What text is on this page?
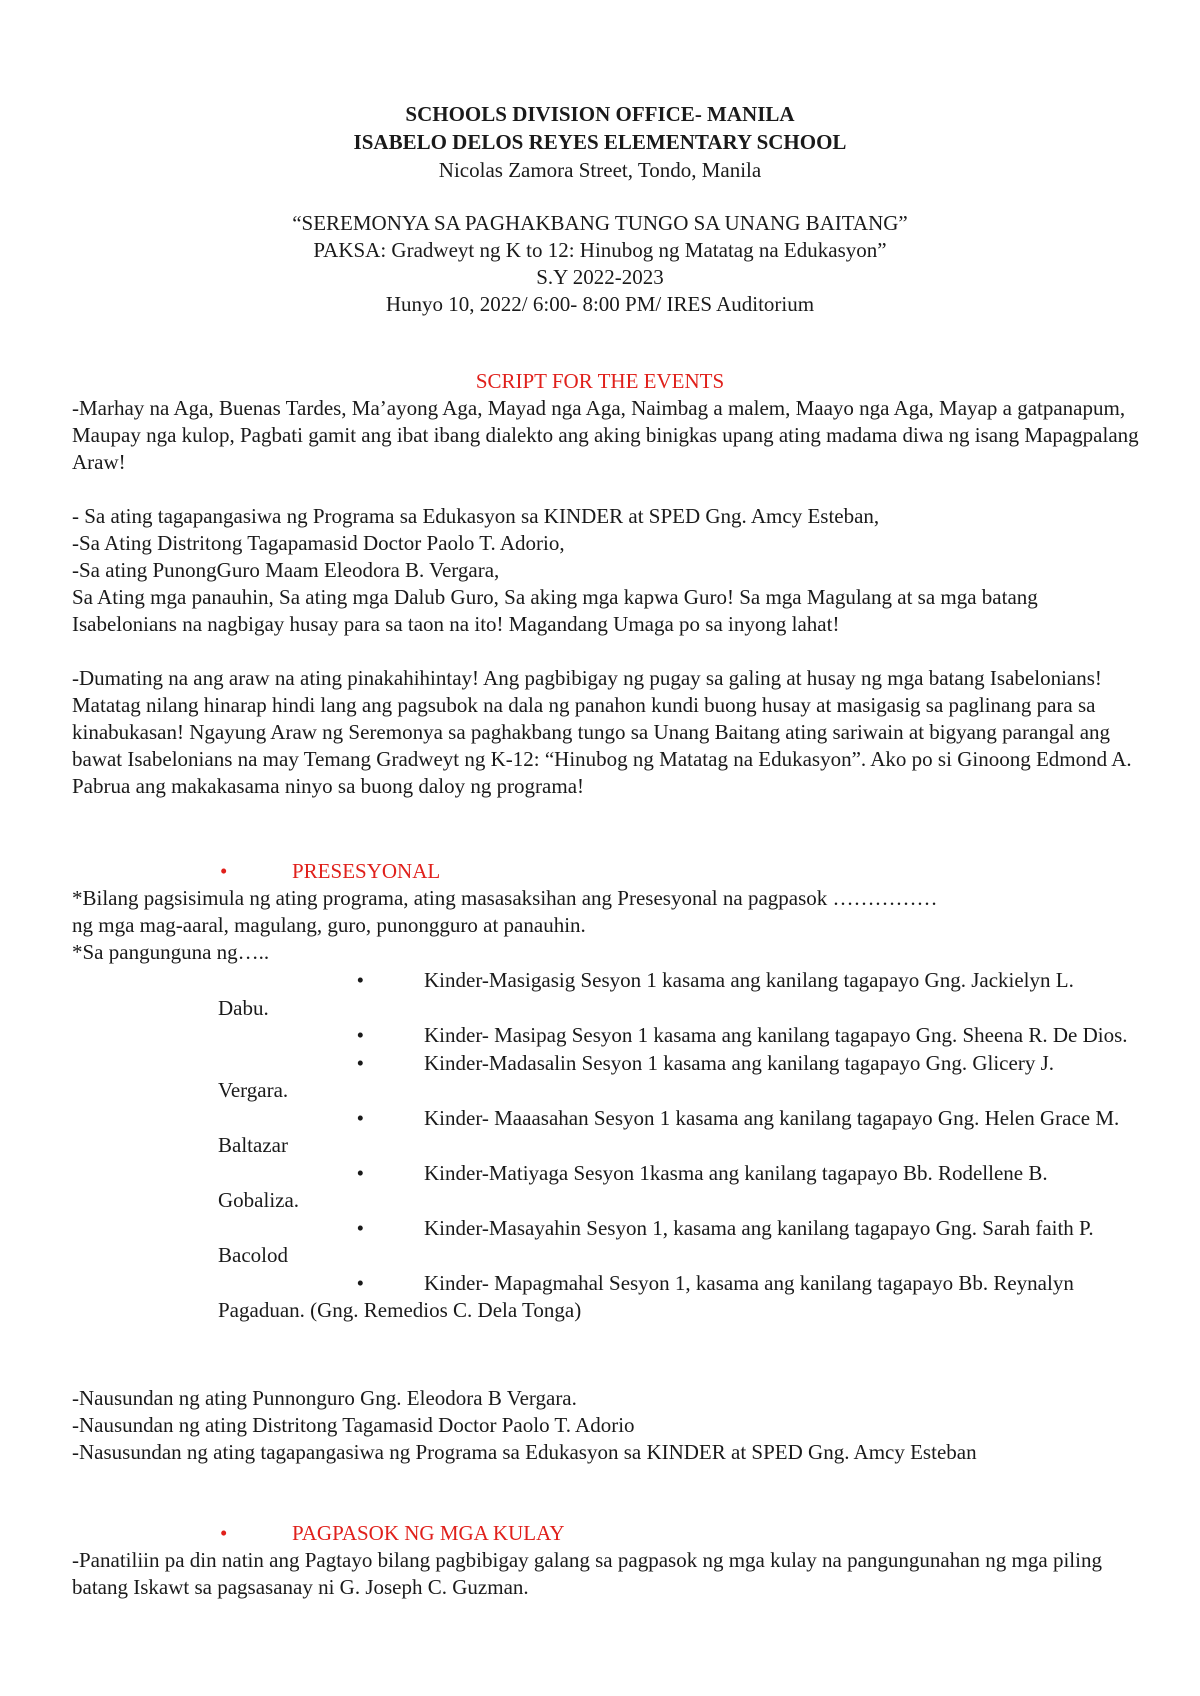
SCHOOLS DIVISION OFFICE- MANILA
ISABELO DELOS REYES ELEMENTARY SCHOOL
Nicolas Zamora Street, Tondo, Manila
“SEREMONYA SA PAGHAKBANG TUNGO SA UNANG BAITANG”
PAKSA: Gradweyt ng K to 12: Hinubog ng Matatag na Edukasyon”
S.Y 2022-2023
Hunyo 10, 2022/ 6:00- 8:00 PM/ IRES Auditorium
SCRIPT FOR THE EVENTS

-Marhay na Aga, Buenas Tardes, Ma’ayong Aga, Mayad nga Aga, Naimbag a malem, Maayo nga Aga, Mayap a gatpanapum, Maupay nga kulop, Pagbati gamit ang ibat ibang dialekto ang aking binigkas upang ating madama diwa ng isang Mapagpalang Araw!

- Sa ating tagapangasiwa ng Programa sa Edukasyon sa KINDER at SPED Gng. Amcy Esteban,

-Sa Ating Distritong Tagapamasid Doctor Paolo T. Adorio,

-Sa ating PunongGuro Maam Eleodora B. Vergara,

Sa Ating mga panauhin, Sa ating mga Dalub Guro, Sa aking mga kapwa Guro! Sa mga Magulang at sa mga batang Isabelonians na nagbigay husay para sa taon na ito! Magandang Umaga po sa inyong lahat!

-Dumating na ang araw na ating pinakahihintay! Ang pagbibigay ng pugay sa galing at husay ng mga batang Isabelonians! Matatag nilang hinarap hindi lang ang pagsubok na dala ng panahon kundi buong husay at masigasig sa paglinang para sa kinabukasan! Ngayung Araw ng Seremonya sa paghakbang tungo sa Unang Baitang ating sariwain at bigyang parangal ang bawat Isabelonians na may Temang Gradweyt ng K-12: “Hinubog ng Matatag na Edukasyon”. Ako po si Ginoong Edmond A. Pabrua ang makakasama ninyo sa buong daloy ng programa!

•	PRESESYONAL

*Bilang pagsisimula ng ating programa, ating masasaksihan ang Presesyonal na pagpasok ……………

ng mga mag-aaral, magulang, guro, punongguro at panauhin.

*Sa pangunguna ng…..

•	Kinder-Masigasig Sesyon 1 kasama ang kanilang tagapayo Gng. Jackielyn L. Dabu.

•	Kinder- Masipag Sesyon 1 kasama ang kanilang tagapayo Gng. Sheena R. De Dios.

•	Kinder-Madasalin Sesyon 1 kasama ang kanilang tagapayo Gng. Glicery J. Vergara.

•	Kinder- Maaasahan Sesyon 1 kasama ang kanilang tagapayo Gng. Helen Grace M. Baltazar

•	Kinder-Matiyaga Sesyon 1kasma ang kanilang tagapayo Bb. Rodellene B. Gobaliza.

•	Kinder-Masayahin Sesyon 1, kasama ang kanilang tagapayo Gng. Sarah faith P. Bacolod

•	Kinder- Mapagmahal Sesyon 1, kasama ang kanilang tagapayo Bb. Reynalyn Pagaduan. (Gng. Remedios C. Dela Tonga)

-Nausundan ng ating Punnonguro Gng. Eleodora B Vergara.

-Nausundan ng ating Distritong Tagamasid Doctor Paolo T. Adorio

-Nasusundan ng ating tagapangasiwa ng Programa sa Edukasyon sa KINDER at SPED Gng. Amcy Esteban

•	PAGPASOK NG MGA KULAY

-Panatiliin pa din natin ang Pagtayo bilang pagbibigay galang sa pagpasok ng mga kulay na pangungunahan ng mga piling batang Iskawt sa pagsasanay ni G. Joseph C. Guzman.
